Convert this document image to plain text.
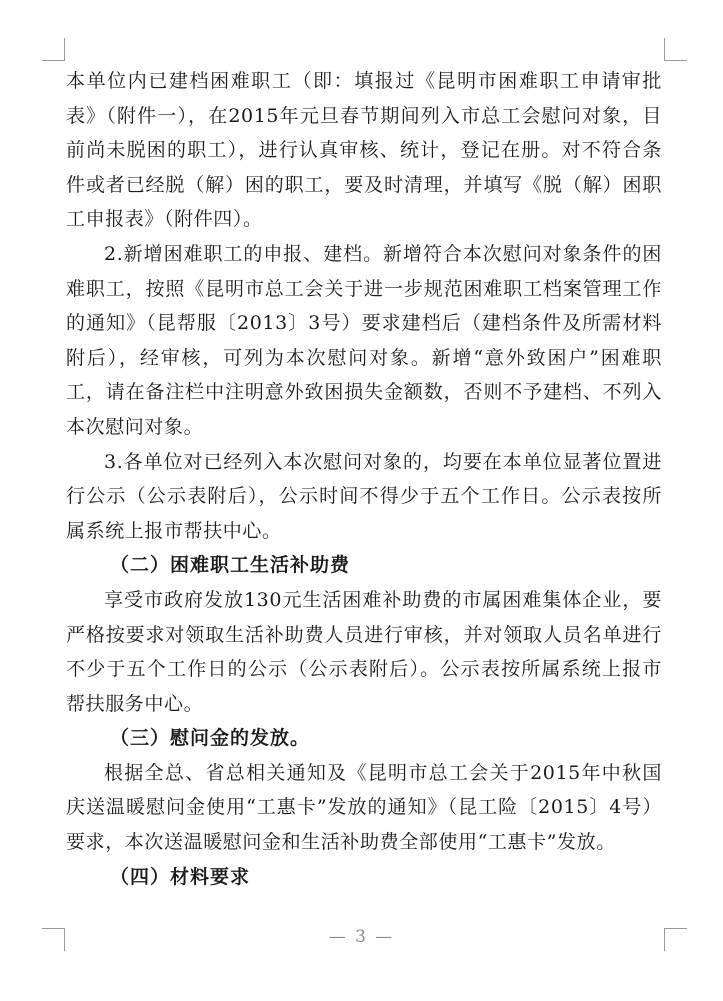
本单位内已建档困难职工（即：填报过《昆明市困难职工申请审批表》（附件一），在2015年元旦春节期间列入市总工会慰问对象，目前尚未脱困的职工），进行认真审核、统计，登记在册。对不符合条件或者已经脱（解）困的职工，要及时清理，并填写《脱（解）困职工申报表》（附件四）。

2.新增困难职工的申报、建档。新增符合本次慰问对象条件的困难职工，按照《昆明市总工会关于进一步规范困难职工档案管理工作的通知》（昆帮服〔2013〕3号）要求建档后（建档条件及所需材料附后），经审核，可列为本次慰问对象。新增“意外致困户”困难职工，请在备注栏中注明意外致困损失金额数，否则不予建档、不列入本次慰问对象。

3.各单位对已经列入本次慰问对象的，均要在本单位显著位置进行公示（公示表附后），公示时间不得少于五个工作日。公示表按所属系统上报市帮扶中心。

（二）困难职工生活补助费

享受市政府发放130元生活困难补助费的市属困难集体企业，要严格按要求对领取生活补助费人员进行审核，并对领取人员名单进行不少于五个工作日的公示（公示表附后）。公示表按所属系统上报市帮扶服务中心。

（三）慰问金的发放。

根据全总、省总相关通知及《昆明市总工会关于2015年中秋国庆送温暖慰问金使用“工惠卡”发放的通知》（昆工险〔2015〕4号）要求，本次送温暖慰问金和生活补助费全部使用“工惠卡”发放。

（四）材料要求

— 3 —
